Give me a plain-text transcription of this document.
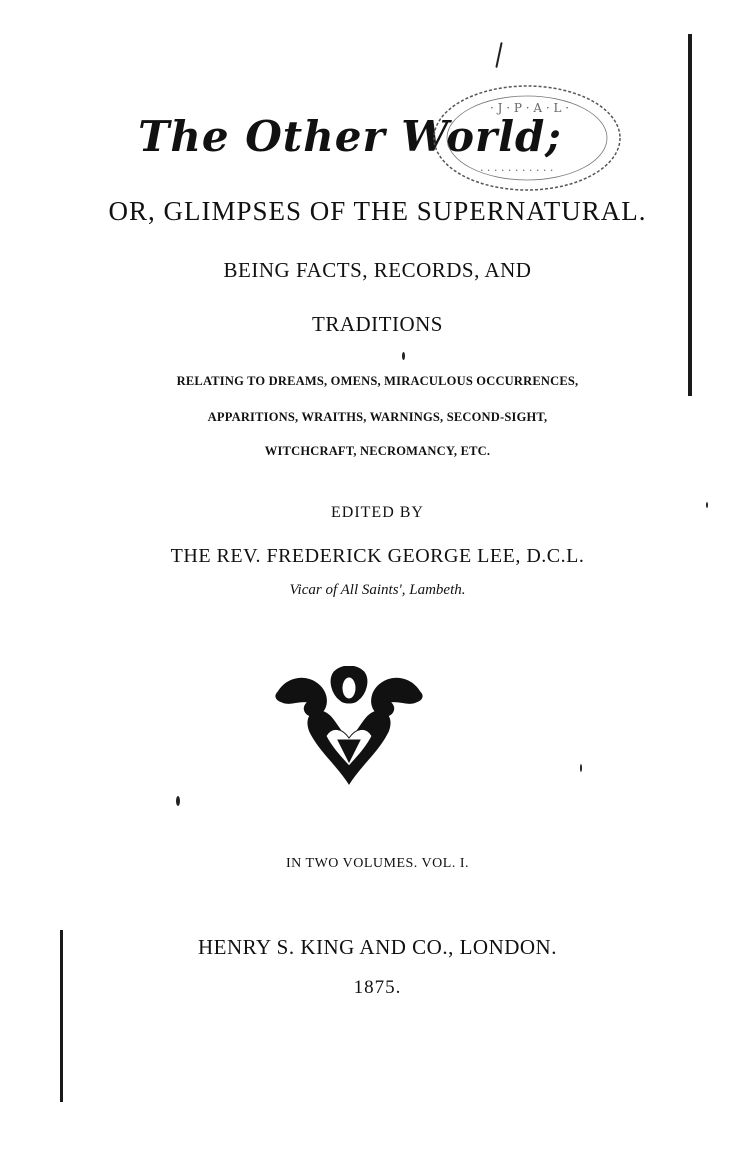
The Other World;
· J · P · A · L ·
· · · · · · · · · · ·
OR, GLIMPSES OF THE SUPERNATURAL.
BEING FACTS, RECORDS, AND
TRADITIONS
RELATING TO DREAMS, OMENS, MIRACULOUS OCCURRENCES,
APPARITIONS, WRAITHS, WARNINGS, SECOND-SIGHT,
WITCHCRAFT, NECROMANCY, ETC.
EDITED BY
THE REV. FREDERICK GEORGE LEE, D.C.L.
Vicar of All Saints', Lambeth.
IN TWO VOLUMES. VOL. I.
HENRY S. KING AND CO., LONDON.
1875.
